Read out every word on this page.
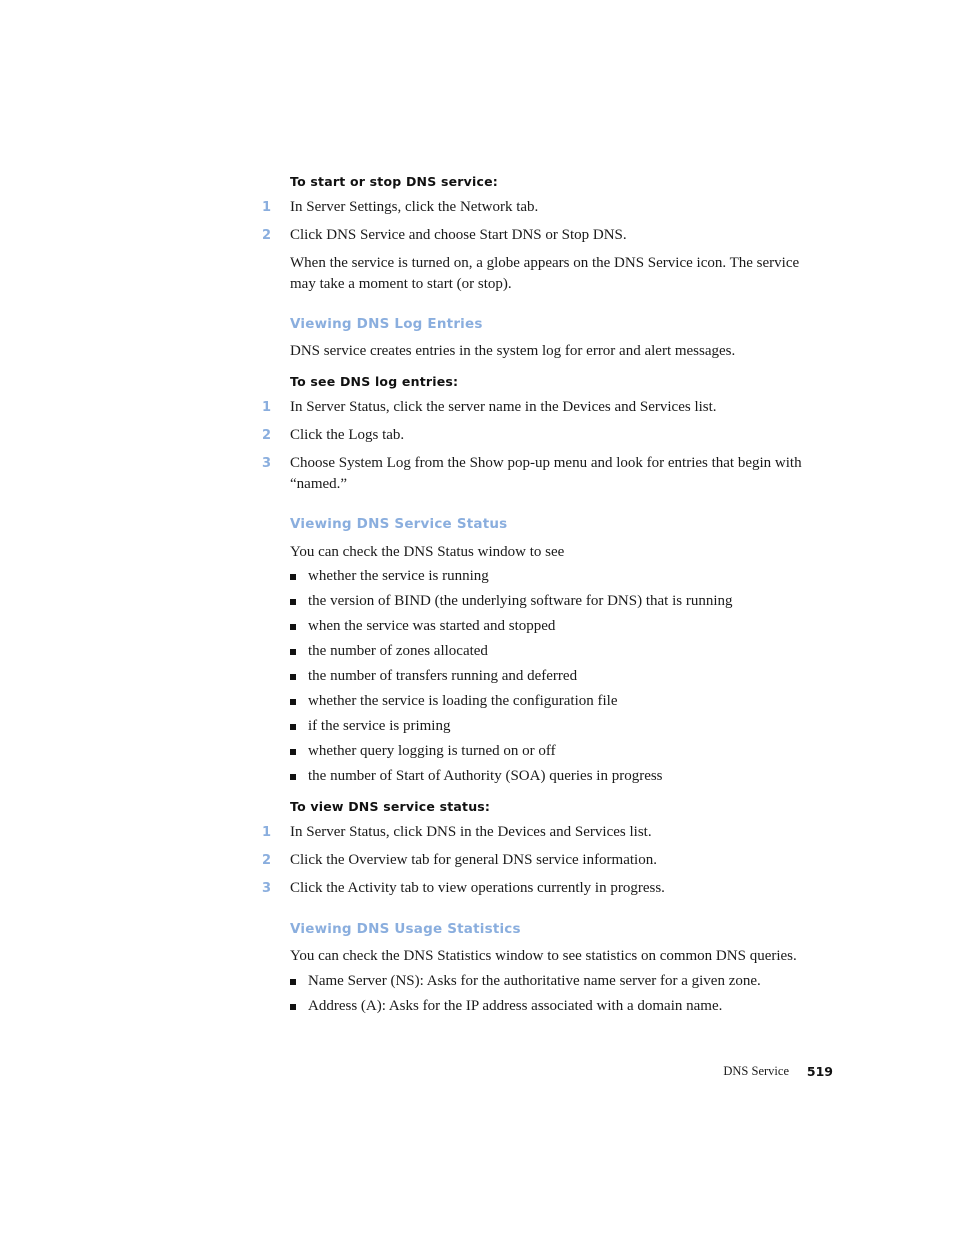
To start or stop DNS service:
1 In Server Settings, click the Network tab.
2 Click DNS Service and choose Start DNS or Stop DNS.
When the service is turned on, a globe appears on the DNS Service icon. The service may take a moment to start (or stop).
Viewing DNS Log Entries
DNS service creates entries in the system log for error and alert messages.
To see DNS log entries:
1 In Server Status, click the server name in the Devices and Services list.
2 Click the Logs tab.
3 Choose System Log from the Show pop-up menu and look for entries that begin with “named.”
Viewing DNS Service Status
You can check the DNS Status window to see
whether the service is running
the version of BIND (the underlying software for DNS) that is running
when the service was started and stopped
the number of zones allocated
the number of transfers running and deferred
whether the service is loading the configuration file
if the service is priming
whether query logging is turned on or off
the number of Start of Authority (SOA) queries in progress
To view DNS service status:
1 In Server Status, click DNS in the Devices and Services list.
2 Click the Overview tab for general DNS service information.
3 Click the Activity tab to view operations currently in progress.
Viewing DNS Usage Statistics
You can check the DNS Statistics window to see statistics on common DNS queries.
Name Server (NS): Asks for the authoritative name server for a given zone.
Address (A): Asks for the IP address associated with a domain name.
DNS Service	519
